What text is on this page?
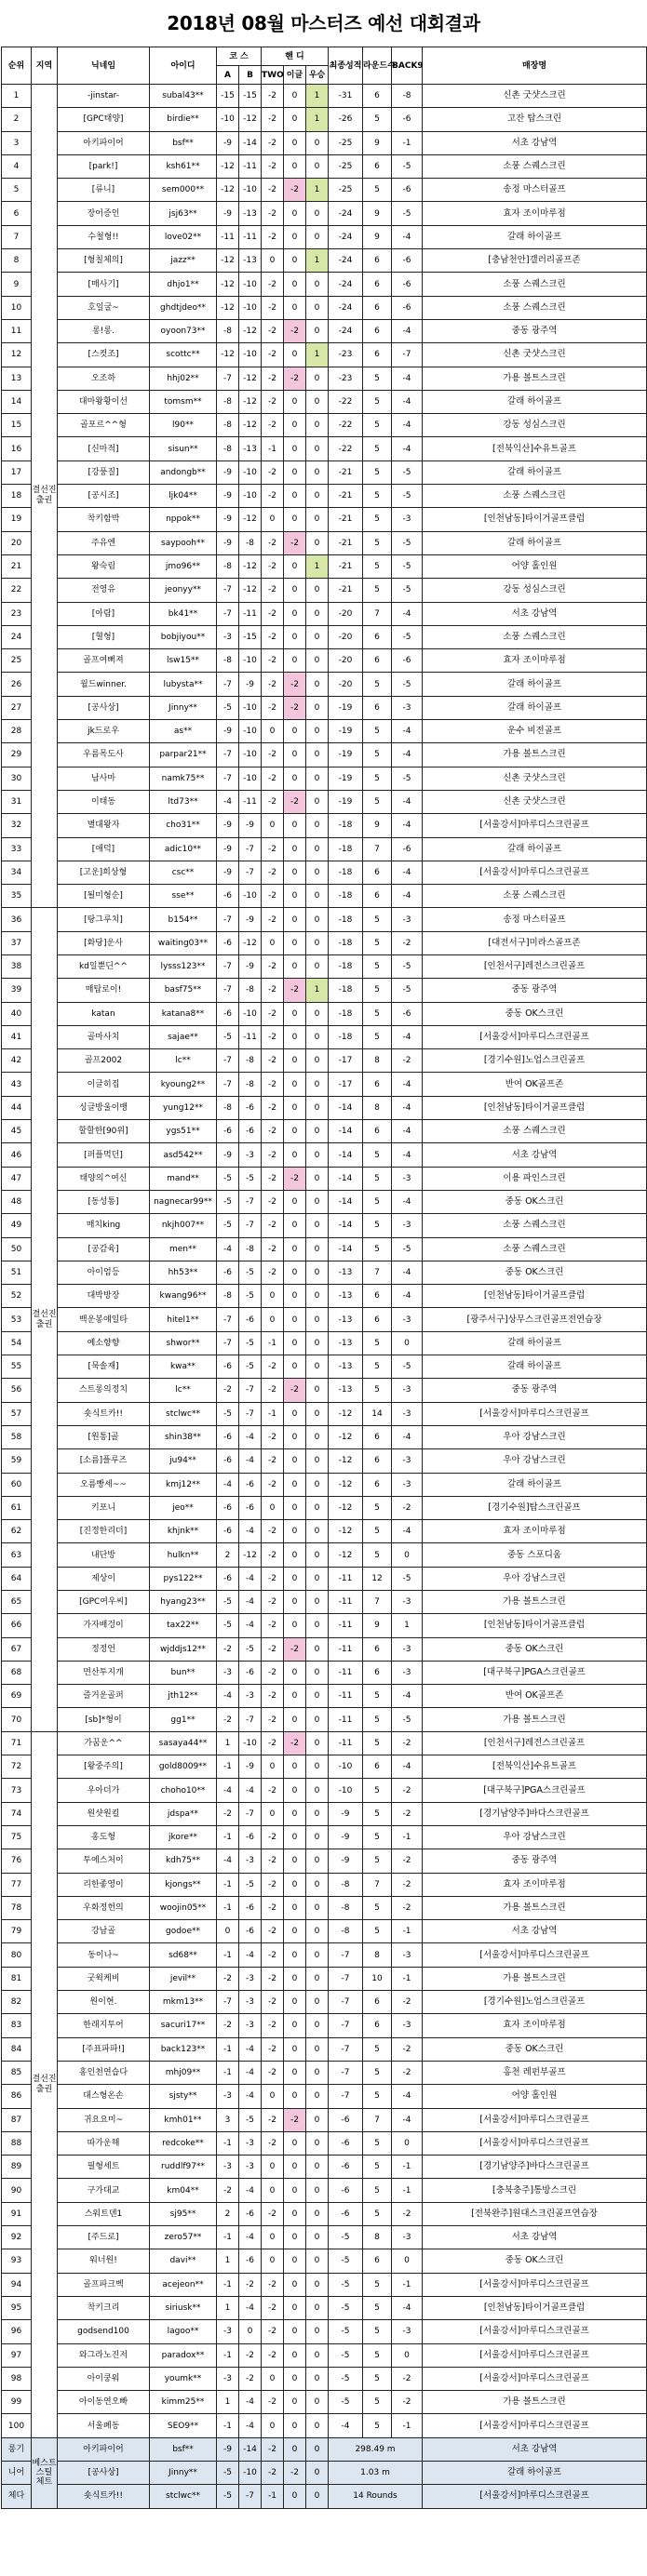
2018년 08월 마스터즈 예선 대회결과
순위	지역	닉네임	아이디	코 스		핸 디			최종성적	라운드수	BACK9	매장명
				A	B	TWO	이글	우승				
1	결선진출권	-jinstar-	subal43**	-15	-15	-2	0	1	-31	6	-8	신촌 굿샷스크린
2		[GPC태양]	birdie**	-10	-12	-2	0	1	-26	5	-6	고잔 탑스크린
3		아키파이어	bsf**	-9	-14	-2	0	0	-25	9	-1	서초 강남역
4		[park!]	ksh61**	-12	-11	-2	0	0	-25	6	-5	소풍 스퀘스크린
5		[류니]	sem000**	-12	-10	-2	-2	1	-25	5	-6	송정 마스터골프
6		장어증인	jsj63**	-9	-13	-2	0	0	-24	9	-5	효자 조이마루점
7		수철형!!	love02**	-11	-11	-2	0	0	-24	9	-4	갈래 하이골프
8		[형칠체의]	jazz**	-12	-13	0	0	1	-24	6	-6	[충남천안]갤러리골프존
9		[매사기]	dhjo1**	-12	-10	-2	0	0	-24	6	-6	소풍 스퀘스크린
10		호일굴~	ghdtjdeo**	-12	-10	-2	0	0	-24	6	-6	소풍 스퀘스크린
11		롱!롱.	oyoon73**	-8	-12	-2	-2	0	-24	6	-4	중동 광주역
12		[스컷조]	scottc**	-12	-10	-2	0	1	-23	6	-7	신촌 굿샷스크린
13		오조하	hhj02**	-7	-12	-2	-2	0	-23	5	-4	가용 볼트스크린
14		대마왕황이선	tomsm**	-8	-12	-2	0	0	-22	5	-4	갈래 하이골프
15		골포르^^형	l90**	-8	-12	-2	0	0	-22	5	-4	강동 성심스크린
16		[신마적]	sisun**	-8	-13	-1	0	0	-22	5	-4	[전북익산]수유트골프
17		[강풍질]	andongb**	-9	-10	-2	0	0	-21	5	-5	갈래 하이골프
18		[공시조]	ljk04**	-9	-10	-2	0	0	-21	5	-5	소풍 스퀘스크린
19		착키함박	nppok**	-9	-12	0	0	0	-21	5	-3	[인천남동]타이거골프클럽
20		주유엔	saypooh**	-9	-8	-2	-2	0	-21	5	-5	갈래 하이골프
21		왕숙림	jmo96**	-8	-12	-2	0	1	-21	5	-5	어양 홀인원
22		전영유	jeonyy**	-7	-12	-2	0	0	-21	5	-5	강동 성심스크린
23		[아람]	bk41**	-7	-11	-2	0	0	-20	7	-4	서초 강남역
24		[혈형]	bobjiyou**	-3	-15	-2	0	0	-20	6	-5	소풍 스퀘스크린
25		골프여뻐져	lsw15**	-8	-10	-2	0	0	-20	6	-6	효자 조이마루점
26		윌드winner.	lubysta**	-7	-9	-2	-2	0	-20	5	-5	갈래 하이골프
27		[공사상]	Jinny**	-5	-10	-2	-2	0	-19	6	-3	갈래 하이골프
28		jk드로우	as**	-9	-10	0	0	0	-19	5	-4	운수 비전골프
29		우름목도사	parpar21**	-7	-10	-2	0	0	-19	5	-4	가용 볼트스크린
30		남사마	namk75**	-7	-10	-2	0	0	-19	5	-5	신촌 굿샷스크린
31		이태동	ltd73**	-4	-11	-2	-2	0	-19	5	-4	신촌 굿샷스크린
32		별대왕자	cho31**	-9	-9	0	0	0	-18	9	-4	[서울강서]마루디스크린골프
33		[애덕]	adic10**	-9	-7	-2	0	0	-18	7	-6	갈래 하이골프
34		[고운]희상형	csc**	-9	-7	-2	0	0	-18	6	-4	[서울강서]마루디스크린골프
35		[될미형순]	sse**	-6	-10	-2	0	0	-18	6	-4	소풍 스퀘스크린
36	결선진출권	[탕그루치]	b154**	-7	-9	-2	0	0	-18	5	-3	송정 마스터골프
37		[화당]운사	waiting03**	-6	-12	0	0	0	-18	5	-2	[대전서구]미라스골프존
38		kd일뿐딘^^	lysss123**	-7	-9	-2	0	0	-18	5	-5	[인천서구]레전스크린골프
39		매탑로이!	basf75**	-7	-8	-2	-2	1	-18	5	-5	중동 광주역
40		katan	katana8**	-6	-10	-2	0	0	-18	5	-6	중동 OK스크린
41		골마사치	sajae**	-5	-11	-2	0	0	-18	5	-4	[서울강서]마루디스크린골프
42		골프2002	lc**	-7	-8	-2	0	0	-17	8	-2	[경기수원]노업스크린골프
43		이글히집	kyoung2**	-7	-8	-2	0	0	-17	6	-4	반여 OK골프존
44		싱글방울이뱅	yung12**	-8	-6	-2	0	0	-14	8	-4	[인천남동]타이거골프클럽
45		할할한[90위]	ygs51**	-6	-6	-2	0	0	-14	6	-4	소풍 스퀘스크린
46		[퍼플먹던]	asd542**	-9	-3	-2	0	0	-14	5	-4	서초 강남역
47		태양의^여신	mand**	-5	-5	-2	-2	0	-14	5	-3	이용 파인스크린
48		[동성통]	nagnecar99**	-5	-7	-2	0	0	-14	5	-4	중동 OK스크린
49		매치king	nkjh007**	-5	-7	-2	0	0	-14	5	-3	소풍 스퀘스크린
50		[공감육]	men**	-4	-8	-2	0	0	-14	5	-5	소풍 스퀘스크린
51		아이엄등	hh53**	-6	-5	-2	0	0	-13	7	-4	중동 OK스크린
52		대박방장	kwang96**	-8	-5	0	0	0	-13	6	-4	[인천남동]타이거골프클럽
53		백운봉얘일타	hitel1**	-7	-6	0	0	0	-13	6	-3	[광주서구]상무스크린골프전연습장
54		예소향향	shwor**	-7	-5	-1	0	0	-13	5	0	갈래 하이골프
55		[묵솔재]	kwa**	-6	-5	-2	0	0	-13	5	-5	갈래 하이골프
56		스트롱의정치	lc**	-2	-7	-2	-2	0	-13	5	-3	중동 광주역
57		숏식트카!!	stclwc**	-5	-7	-1	0	0	-12	14	-3	[서울강서]마루디스크린골프
58		[원통]골	shin38**	-6	-4	-2	0	0	-12	6	-4	우아 강남스크린
59		[소름]플루즈	ju94**	-6	-4	-2	0	0	-12	6	-3	우아 강남스크린
60		오름빵세~~	kmj12**	-4	-6	-2	0	0	-12	6	-3	갈래 하이골프
61		키포니	jeo**	-6	-6	0	0	0	-12	5	-2	[경기수원]탑스크린골프
62		[진정한리더]	khjnk**	-6	-4	-2	0	0	-12	5	-4	효자 조이마루점
63		내단방	hulkn**	2	-12	-2	0	0	-12	5	0	중동 스포디움
64		제상이	pys122**	-6	-4	-2	0	0	-11	12	-5	우아 강남스크린
65		[GPC여우씨]	hyang23**	-5	-4	-2	0	0	-11	7	-3	가용 볼트스크린
66		가자배겅이	tax22**	-5	-4	-2	0	0	-11	9	1	[인천남동]타이거골프클럽
67		정정언	wjddjs12**	-2	-5	-2	-2	0	-11	6	-3	중동 OK스크린
68		면산투지개	bun**	-3	-6	-2	0	0	-11	6	-3	[대구북구]PGA스크린골프
69		즐거운골퍼	jth12**	-4	-3	-2	0	0	-11	5	-4	반여 OK골프존
70		[sb]*형이	gg1**	-2	-7	-2	0	0	-11	5	-5	가용 볼트스크린
71	결선진출권	가꿈운^^	sasaya44**	1	-10	-2	-2	0	-11	5	-2	[인천서구]레전스크린골프
72		[왕중주의]	gold8009**	-1	-9	0	0	0	-10	6	-4	[전북익산]수유트골프
73		우아더가	choho10**	-4	-4	-2	0	0	-10	5	-2	[대구북구]PGA스크린골프
74		원샷원킬	jdspa**	-2	-7	0	0	0	-9	5	-2	[경기남양주]바다스크린골프
75		홍도형	jkore**	-1	-6	-2	0	0	-9	5	-1	우아 강남스크린
76		투에스처이	kdh75**	-4	-3	-2	0	0	-9	5	-2	중동 광주역
77		리한좋영이	kjongs**	-1	-5	-2	0	0	-8	7	-2	효자 조이마루점
78		우화정헌의	woojin05**	-1	-6	-2	0	0	-8	5	-2	가용 볼트스크린
79		강남골	godoe**	0	-6	-2	0	0	-8	5	-1	서초 강남역
80		동이나~	sd68**	-1	-4	-2	0	0	-7	8	-3	[서울강서]마루디스크린골프
81		굿윅케비	jevil**	-2	-3	-2	0	0	-7	10	-1	가용 볼트스크린
82		원이현.	mkm13**	-7	-3	-2	0	0	-7	6	-2	[경기수원]노업스크린골프
83		한래지투어	sacuri17**	-2	-3	-2	0	0	-7	6	-3	효자 조이마루점
84		[주표파파!]	back123**	-1	-4	-2	0	0	-7	5	-2	중동 OK스크린
85		홍인천연습다	mhj09**	-1	-4	-2	0	0	-7	5	-2	홍천 레펀부골프
86		대스형온손	sjsty**	-3	-4	0	0	0	-7	5	-4	어양 홀인원
87		귀요요미~	kmh01**	3	-5	-2	-2	0	-6	7	-4	[서울강서]마루디스크린골프
88		따가운해	redcoke**	-1	-3	-2	0	0	-6	5	0	[서울강서]마루디스크린골프
89		필형세트	ruddlf97**	-3	-3	0	0	0	-6	5	-1	[경기남양주]바다스크린골프
90		구가대교	km04**	-2	-4	0	0	0	-6	5	-1	[충북충주]통방스크린
91		스워트덴1	sj95**	2	-6	-2	0	0	-6	5	-2	[전북완주]원대스크린골프연습장
92		[주드로]	zero57**	-1	-4	0	0	0	-5	8	-3	서초 강남역
93		워너원!	davi**	1	-6	0	0	0	-5	6	0	중동 OK스크린
94		골프파크벡	acejeon**	-1	-2	-2	0	0	-5	5	-1	[서울강서]마루디스크린골프
95		착키크리	siriusk**	1	-4	-2	0	0	-5	5	-4	[인천남동]타이거골프클럽
96		godsend100	lagoo**	-3	0	-2	0	0	-5	5	-3	[서울강서]마루디스크린골프
97		와그라노진저	paradox**	-1	-2	-2	0	0	-5	5	0	[서울강서]마루디스크린골프
98		아이쿵워	youmk**	-3	-2	0	0	0	-5	5	-2	[서울강서]마루디스크린골프
99		아이동연오빠	kimm25**	1	-4	-2	0	0	-5	5	-2	가용 볼트스크린
100		서울폐동	SEO9**	-1	-4	0	0	0	-4	5	-1	[서울강서]마루디스크린골프
롱기	베스트 스틸 체트	아키파이어	bsf**	-9	-14	-2	0	0	298.49 m			서초 강남역
니어		[공사상]	Jinny**	-5	-10	-2	-2	0	1.03 m			갈래 하이골프
체다		숏식트카!!	stclwc**	-5	-7	-1	0	0	14 Rounds			[서울강서]마루디스크린골프
